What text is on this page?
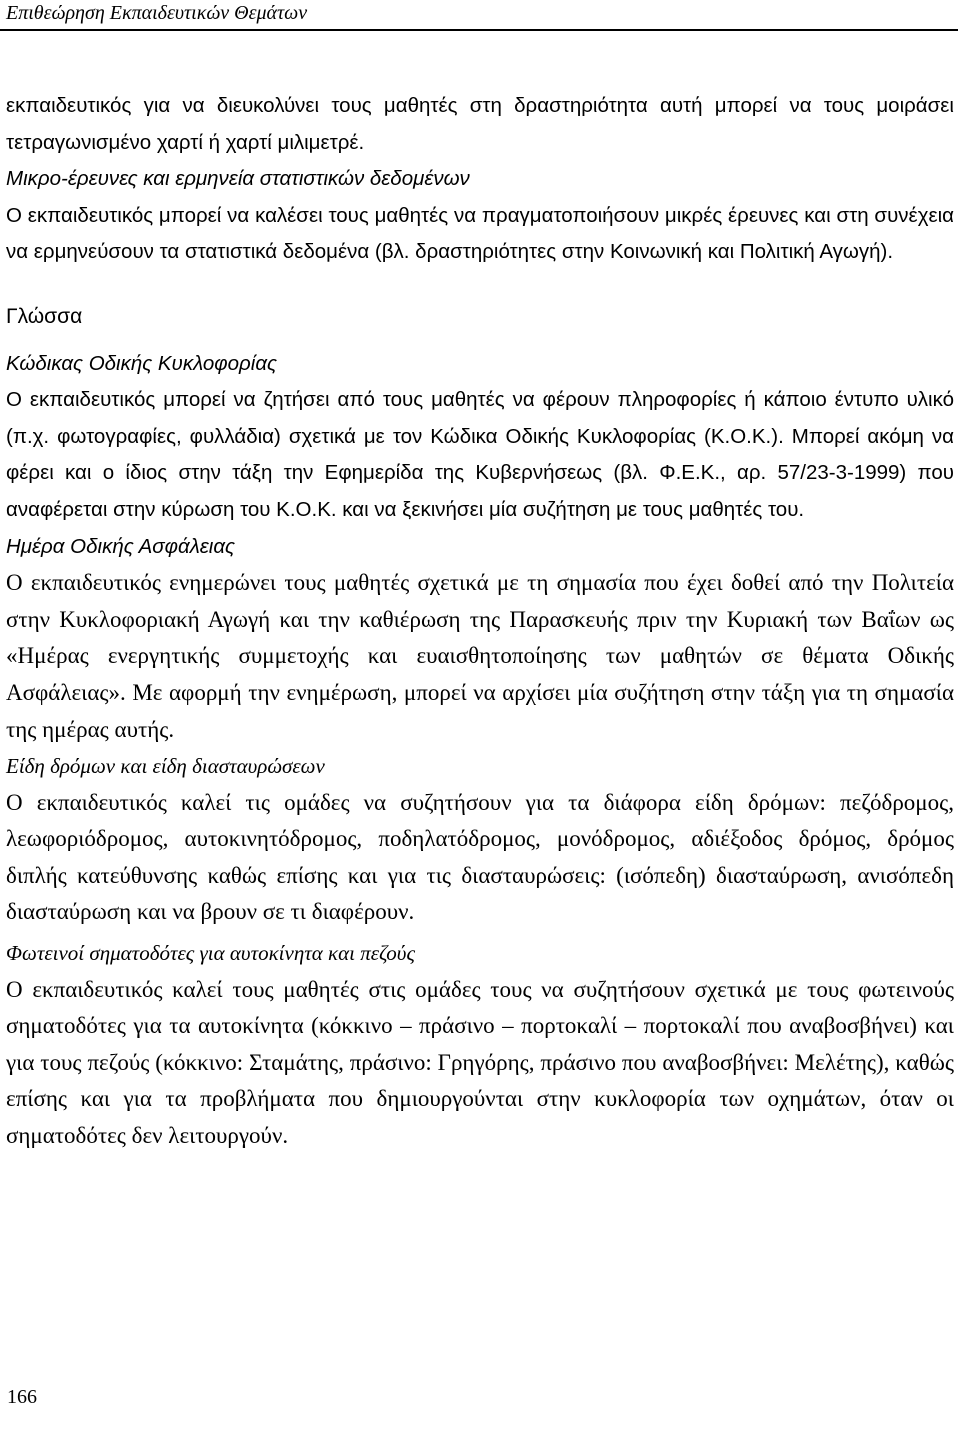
Επιθεώρηση Εκπαιδευτικών Θεμάτων

εκπαιδευτικός για να διευκολύνει τους μαθητές στη δραστηριότητα αυτή μπορεί να τους μοιράσει τετραγωνισμένο χαρτί ή χαρτί μιλιμετρέ.

Μικρο-έρευνες και ερμηνεία στατιστικών δεδομένων

Ο εκπαιδευτικός μπορεί να καλέσει τους μαθητές να πραγματοποιήσουν μικρές έρευνες και στη συνέχεια να ερμηνεύσουν τα στατιστικά δεδομένα (βλ. δραστηριότητες στην Κοινωνική και Πολιτική Αγωγή).

Γλώσσα

Κώδικας Οδικής Κυκλοφορίας

Ο εκπαιδευτικός μπορεί να ζητήσει από τους μαθητές να φέρουν πληροφορίες ή κάποιο έντυπο υλικό (π.χ. φωτογραφίες, φυλλάδια) σχετικά με τον Κώδικα Οδικής Κυκλοφορίας (Κ.Ο.Κ.). Μπορεί ακόμη να φέρει και ο ίδιος στην τάξη την Εφημερίδα της Κυβερνήσεως (βλ. Φ.Ε.Κ., αρ. 57/23-3-1999) που αναφέρεται στην κύρωση του Κ.Ο.Κ. και να ξεκινήσει μία συζήτηση με τους μαθητές του.

Ημέρα Οδικής Ασφάλειας

Ο εκπαιδευτικός ενημερώνει τους μαθητές σχετικά με τη σημασία που έχει δοθεί από την Πολιτεία στην Κυκλοφοριακή Αγωγή και την καθιέρωση της Παρασκευής πριν την Κυριακή των Βαΐων ως «Ημέρας ενεργητικής συμμετοχής και ευαισθητοποίησης των μαθητών σε θέματα Οδικής Ασφάλειας». Με αφορμή την ενημέρωση, μπορεί να αρχίσει μία συζήτηση στην τάξη για τη σημασία της ημέρας αυτής.

Είδη δρόμων και είδη διασταυρώσεων

Ο εκπαιδευτικός καλεί τις ομάδες να συζητήσουν για τα διάφορα είδη δρόμων: πεζόδρομος, λεωφοριόδρομος, αυτοκινητόδρομος, ποδηλατόδρομος, μονόδρομος, αδιέξοδος δρόμος, δρόμος διπλής κατεύθυνσης καθώς επίσης και για τις διασταυρώσεις: (ισόπεδη) διασταύρωση, ανισόπεδη διασταύρωση και να βρουν σε τι διαφέρουν.

Φωτεινοί σηματοδότες για αυτοκίνητα και πεζούς

Ο εκπαιδευτικός καλεί τους μαθητές στις ομάδες τους να συζητήσουν σχετικά με τους φωτεινούς σηματοδότες για τα αυτοκίνητα (κόκκινο – πράσινο – πορτοκαλί – πορτοκαλί που αναβοσβήνει) και για τους πεζούς (κόκκινο: Σταμάτης, πράσινο: Γρηγόρης, πράσινο που αναβοσβήνει: Μελέτης), καθώς επίσης και για τα προβλήματα που δημιουργούνται στην κυκλοφορία των οχημάτων, όταν οι σηματοδότες δεν λειτουργούν.

166
